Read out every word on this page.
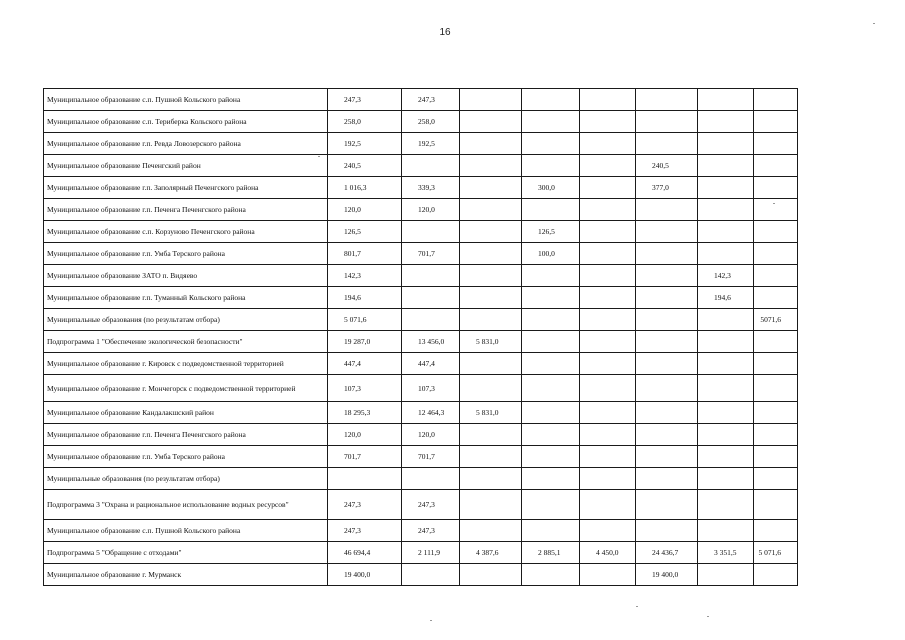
16
Муниципальное образование с.п. Пушной Кольского района	247,3	247,3						
Муниципальное образование с.п. Териберка Кольского района	258,0	258,0						
Муниципальное образование г.п. Ревда Ловозерского района	192,5	192,5						
Муниципальное образование Печенгский район	240,5					240,5		
Муниципальное образование г.п. Заполярный Печенгского района	1 016,3	339,3		300,0		377,0		
Муниципальное образование г.п. Печенга Печенгского района	120,0	120,0						
Муниципальное образование с.п. Корзуново Печенгского района	126,5			126,5				
Муниципальное образование г.п. Умба Терского района	801,7	701,7		100,0				
Муниципальное образование ЗАТО п. Видяево	142,3						142,3	
Муниципальное образование г.п. Туманный Кольского района	194,6						194,6	
Муниципальные образования (по результатам отбора)	5 071,6							5071,6
Подпрограмма 1 "Обеспечение экологической безопасности"	19 287,0	13 456,0	5 831,0					
Муниципальное образование г. Кировск с подведомственной территорией	447,4	447,4						
Муниципальное образование г. Мончегорск с подведомственной территорией	107,3	107,3						
Муниципальное образование Кандалакшский район	18 295,3	12 464,3	5 831,0					
Муниципальное образование г.п. Печенга Печенгского района	120,0	120,0						
Муниципальное образование г.п. Умба Терского района	701,7	701,7						
Муниципальные образования (по результатам отбора)								
Подпрограмма 3 "Охрана и рациональное использование водных ресурсов"	247,3	247,3						
Муниципальное образование с.п. Пушной Кольского района	247,3	247,3						
Подпрограмма 5 "Обращение с отходами"	46 694,4	2 111,9	4 387,6	2 885,1	4 450,0	24 436,7	3 351,5	5 071,6
Муниципальное образование г. Мурманск	19 400,0					19 400,0		
